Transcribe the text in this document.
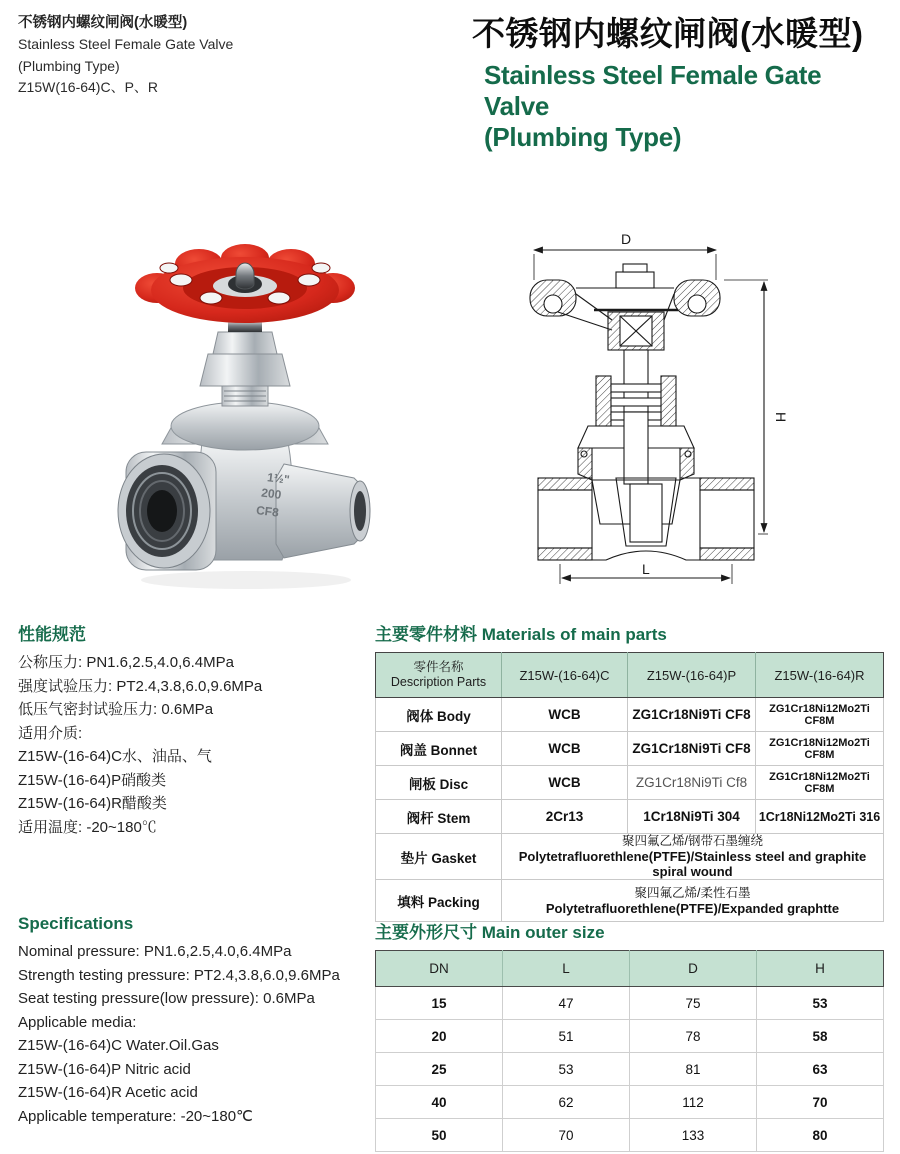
不锈钢内螺纹闸阀(水暖型)
Stainless Steel Female Gate Valve
(Plumbing Type)
Z15W(16-64)C、P、R
不锈钢内螺纹闸阀(水暖型)
Stainless Steel Female Gate Valve
(Plumbing Type)
1½"
200
CF8
D
H
L
性能规范
公称压力: PN1.6,2.5,4.0,6.4MPa
强度试验压力: PT2.4,3.8,6.0,9.6MPa
低压气密封试验压力: 0.6MPa
适用介质:
Z15W-(16-64)C水、油品、气
Z15W-(16-64)P硝酸类
Z15W-(16-64)R醋酸类
适用温度: -20~180℃
Specifications
Nominal pressure: PN1.6,2.5,4.0,6.4MPa
Strength testing pressure: PT2.4,3.8,6.0,9.6MPa
Seat testing pressure(low pressure): 0.6MPa
Applicable media:
Z15W-(16-64)C Water.Oil.Gas
Z15W-(16-64)P Nitric acid
Z15W-(16-64)R Acetic acid
Applicable temperature: -20~180℃
主要零件材料 Materials of main parts
零件名称
Description Parts	Z15W-(16-64)C	Z15W-(16-64)P	Z15W-(16-64)R
阀体 Body	WCB	ZG1Cr18Ni9Ti CF8	ZG1Cr18Ni12Mo2Ti CF8M
阀盖 Bonnet	WCB	ZG1Cr18Ni9Ti CF8	ZG1Cr18Ni12Mo2Ti CF8M
闸板 Disc	WCB	ZG1Cr18Ni9Ti Cf8	ZG1Cr18Ni12Mo2Ti CF8M
阀杆 Stem	2Cr13	1Cr18Ni9Ti 304	1Cr18Ni12Mo2Ti 316
垫片 Gasket	聚四氟乙烯/钢带石墨缠绕
Polytetrafluorethlene(PTFE)/Stainless steel and graphite spiral wound		

填料 Packing	聚四氟乙烯/柔性石墨
Polytetrafluorethlene(PTFE)/Expanded graphtte		
主要外形尺寸 Main outer size
DN	L	D	H
15	47	75	53
20	51	78	58
25	53	81	63
40	62	112	70
50	70	133	80
